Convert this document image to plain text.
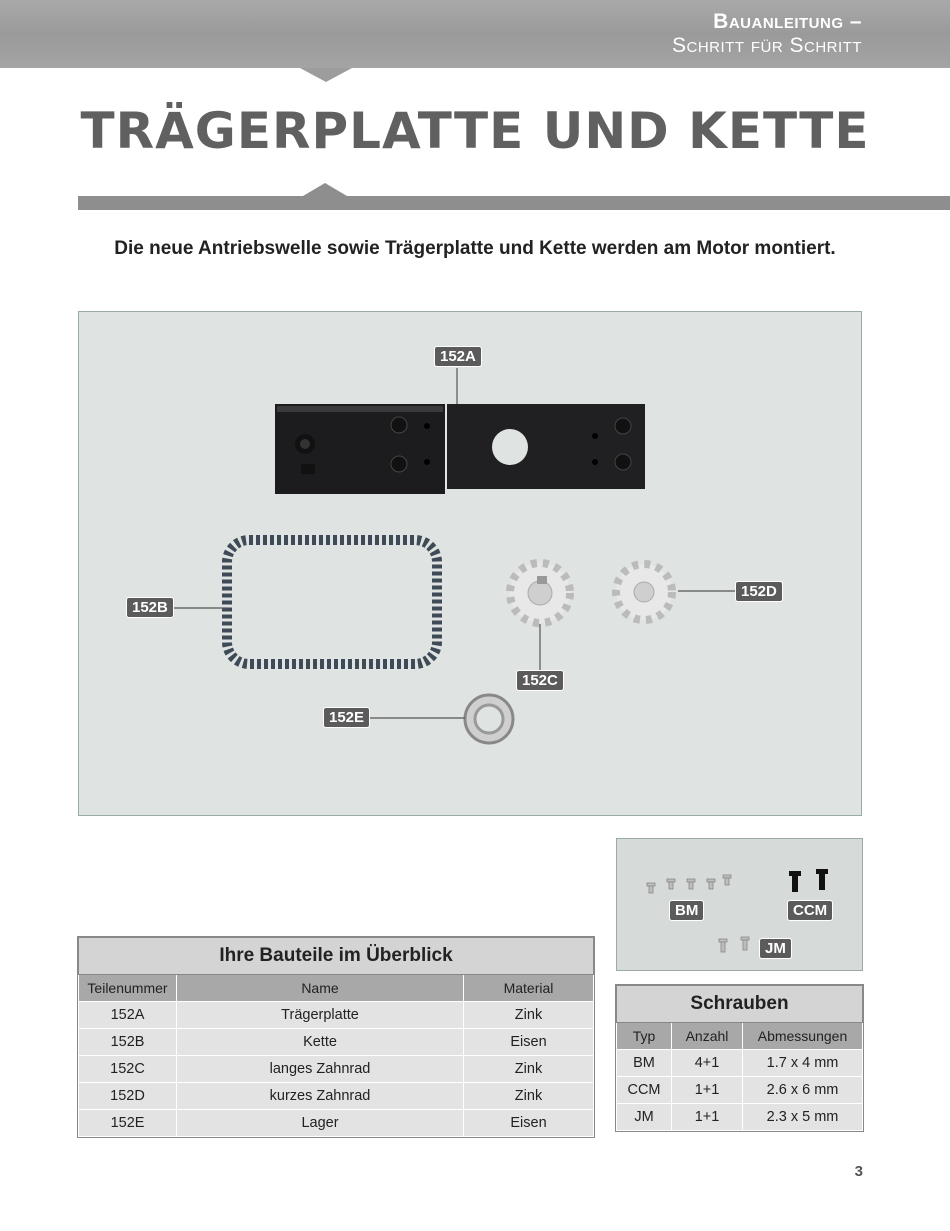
Bauanleitung –
Schritt für Schritt
TRÄGERPLATTE UND KETTE
Die neue Antriebswelle sowie Trägerplatte und Kette werden am Motor montiert.
152A
152B
152C
152D
152E
BM	CCM
JM
Ihre Bauteile im Überblick		
Teilenummer	Name	Material
152A	Trägerplatte	Zink
152B	Kette	Eisen
152C	langes Zahnrad	Zink
152D	kurzes Zahnrad	Zink
152E	Lager	Eisen
Schrauben		
Typ	Anzahl	Abmessungen
BM	4+1	1.7 x 4 mm
CCM	1+1	2.6 x 6 mm
JM	1+1	2.3 x 5 mm
3
